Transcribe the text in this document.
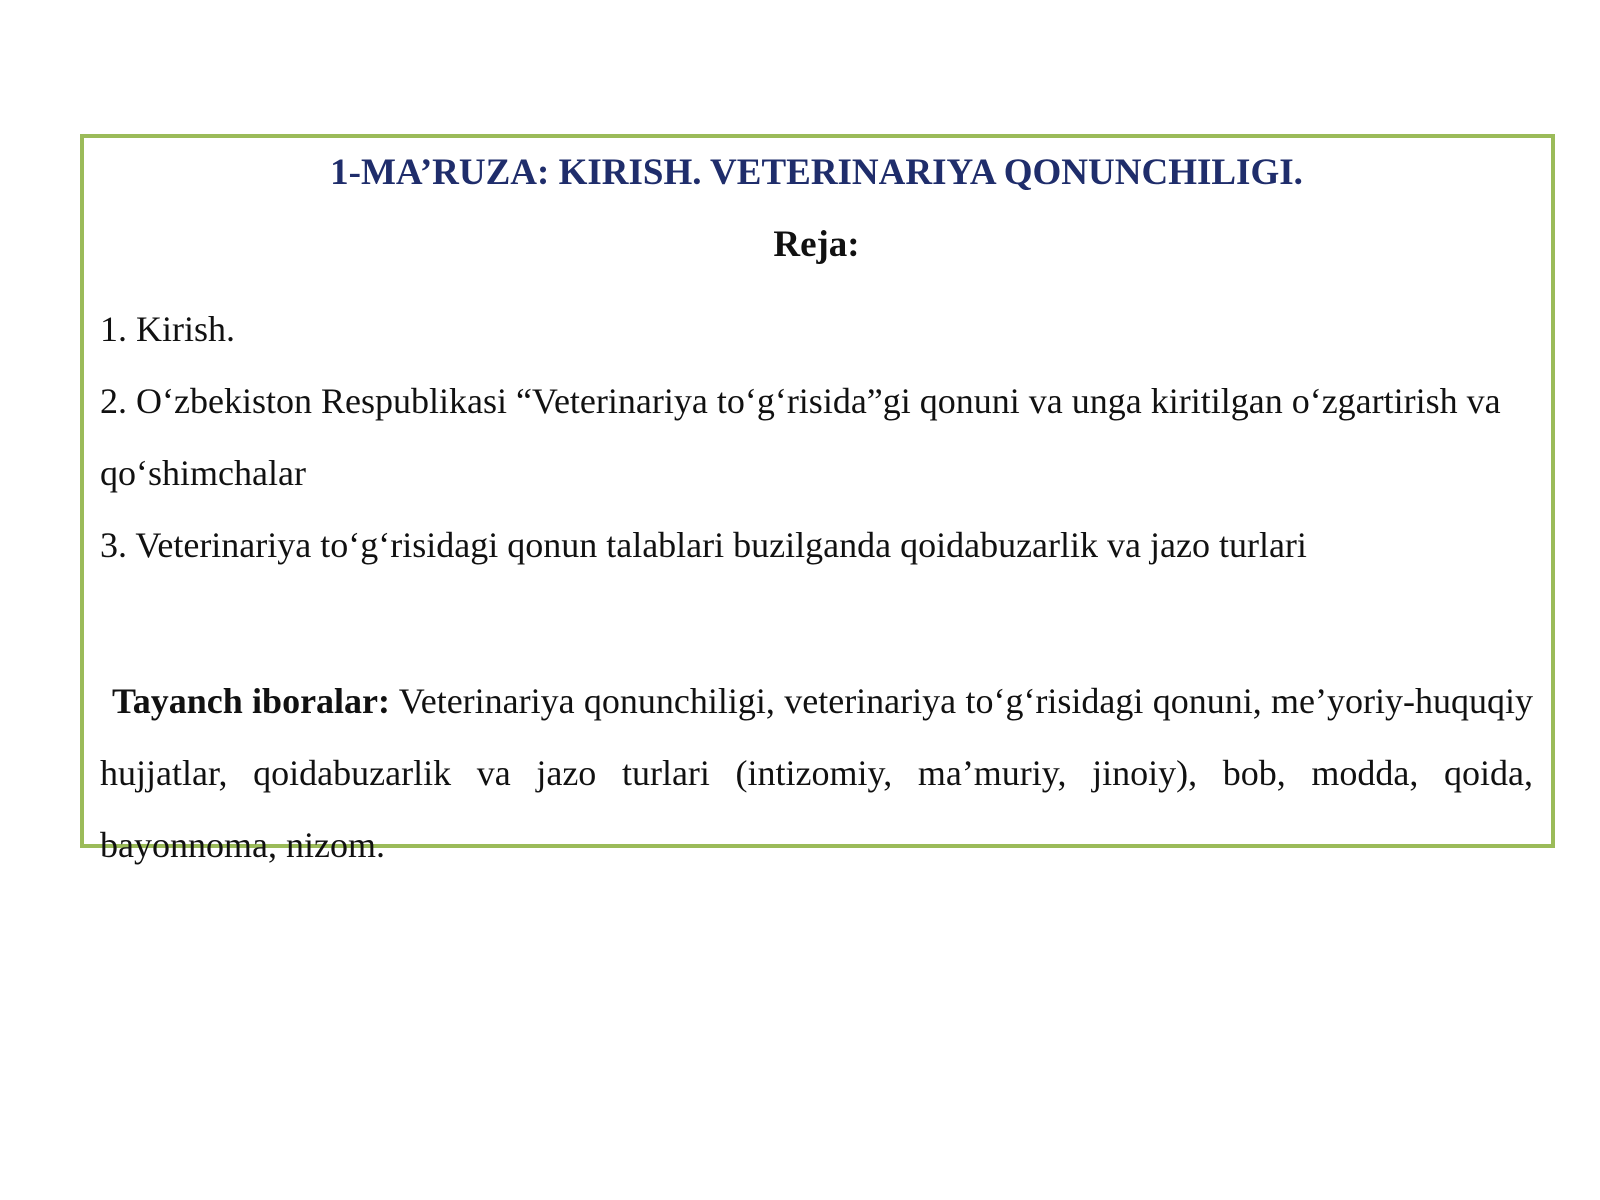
1-MA’RUZA: KIRISH. VETERINARIYA QONUNCHILIGI.
Reja:
1. Kirish.
2. O‘zbekiston Respublikasi “Veterinariya to‘g‘risida”gi qonuni va unga kiritilgan o‘zgartirish va qo‘shimchalar
3. Veterinariya to‘g‘risidagi qonun talablari buzilganda qoidabuzarlik va jazo turlari
Tayanch iboralar: Veterinariya qonunchiligi, veterinariya to‘g‘risidagi qonuni, me’yoriy-huquqiy hujjatlar, qoidabuzarlik va jazo turlari (intizomiy, ma’muriy, jinoiy), bob, modda, qoida, bayonnoma, nizom.
